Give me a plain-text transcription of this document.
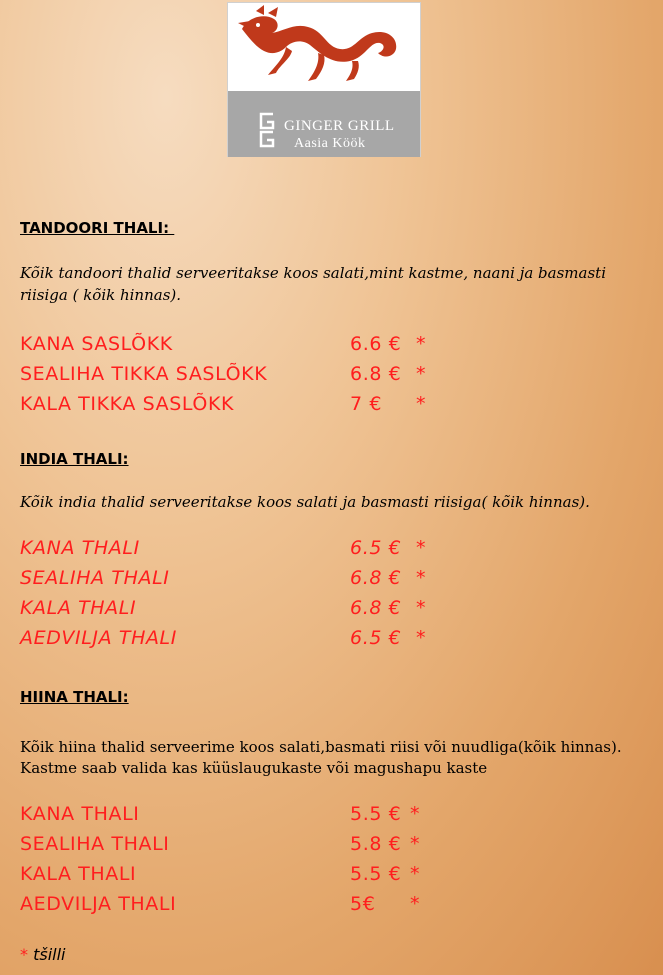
GINGER GRILL
Aasia Köök
TANDOORI THALI:

Kõik tandoori thalid serveeritakse koos salati,mint kastme, naani ja basmasti riisiga ( kõik hinnas).

KANA SASLÕKK	6.6 € *
SEALIHA TIKKA SASLÕKK	6.8 € *
KALA TIKKA SASLÕKK	7 € *
INDIA THALI:

Kõik india thalid serveeritakse koos salati ja basmasti riisiga( kõik hinnas).

KANA THALI	6.5 € *
SEALIHA THALI	6.8 € *
KALA THALI	6.8 € *
AEDVILJA THALI	6.5 € *
HIINA THALI:

Kõik hiina thalid serveerime koos salati,basmati riisi või nuudliga(kõik hinnas).

Kastme saab valida kas küüslaugukaste või magushapu kaste

KANA THALI	5.5 € *
SEALIHA THALI	5.8 € *
KALA THALI	5.5 € *
AEDVILJA THALI	5€ *
* tšilli
